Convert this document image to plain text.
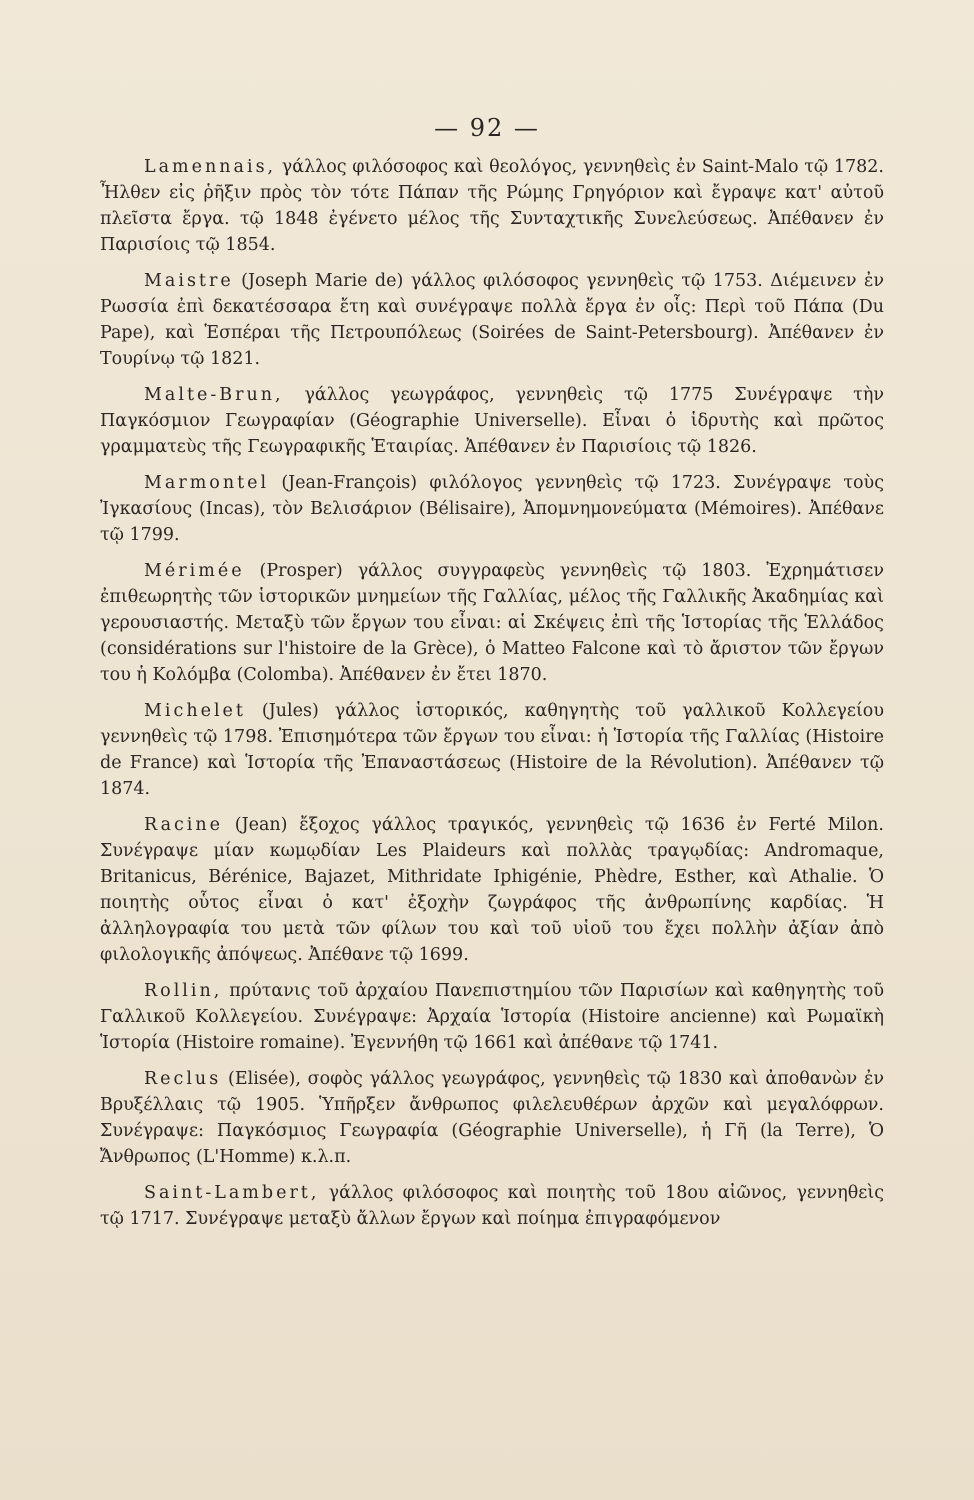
— 92 —

Lamennais, γάλλος φιλόσοφος καὶ θεολόγος, γεννηθεὶς ἐν Saint-Malo τῷ 1782. Ἦλθεν εἰς ῥῆξιν πρὸς τὸν τότε Πάπαν τῆς Ρώμης Γρηγόριον καὶ ἔγραψε κατ' αὐτοῦ πλεῖστα ἔργα. τῷ 1848 ἐγένετο μέλος τῆς Συνταχτικῆς Συνελεύσεως. Ἀπέθανεν ἐν Παρισίοις τῷ 1854.

Maistre (Joseph Marie de) γάλλος φιλόσοφος γεννηθεὶς τῷ 1753. Διέμεινεν ἐν Ρωσσία ἐπὶ δεκατέσσαρα ἔτη καὶ συνέγραψε πολλὰ ἔργα ἐν οἷς: Περὶ τοῦ Πάπα (Du Pape), καὶ Ἑσπέραι τῆς Πετρουπόλεως (Soirées de Saint-Petersbourg). Ἀπέθανεν ἐν Τουρίνῳ τῷ 1821.

Malte-Brun, γάλλος γεωγράφος, γεννηθεὶς τῷ 1775 Συνέγραψε τὴν Παγκόσμιον Γεωγραφίαν (Géographie Universelle). Εἶναι ὁ ἱδρυτὴς καὶ πρῶτος γραμματεὺς τῆς Γεωγραφικῆς Ἑταιρίας. Ἀπέθανεν ἐν Παρισίοις τῷ 1826.

Marmontel (Jean-François) φιλόλογος γεννηθεὶς τῷ 1723. Συνέγραψε τοὺς Ἰγκασίους (Incas), τὸν Βελισάριον (Bélisaire), Ἀπομνημονεύματα (Mémoires). Ἀπέθανε τῷ 1799.

Mérimée (Prosper) γάλλος συγγραφεὺς γεννηθεὶς τῷ 1803. Ἐχρημάτισεν ἐπιθεωρητὴς τῶν ἱστορικῶν μνημείων τῆς Γαλλίας, μέλος τῆς Γαλλικῆς Ἀκαδημίας καὶ γερουσιαστής. Μεταξὺ τῶν ἔργων του εἶναι: αἱ Σκέψεις ἐπὶ τῆς Ἱστορίας τῆς Ἑλλάδος (considérations sur l'histoire de la Grèce), ὁ Matteo Falcone καὶ τὸ ἄριστον τῶν ἔργων του ἡ Κολόμβα (Colomba). Ἀπέθανεν ἐν ἔτει 1870.

Michelet (Jules) γάλλος ἱστορικός, καθηγητὴς τοῦ γαλλικοῦ Κολλεγείου γεννηθεὶς τῷ 1798. Ἐπισημότερα τῶν ἔργων του εἶναι: ἡ Ἱστορία τῆς Γαλλίας (Histoire de France) καὶ Ἱστορία τῆς Ἐπαναστάσεως (Histoire de la Révolution). Ἀπέθανεν τῷ 1874.

Racine (Jean) ἔξοχος γάλλος τραγικός, γεννηθεὶς τῷ 1636 ἐν Ferté Milon. Συνέγραψε μίαν κωμῳδίαν Les Plaideurs καὶ πολλὰς τραγῳδίας: Andromaque, Britanicus, Bérénice, Bajazet, Mithridate Iphigénie, Phèdre, Esther, καὶ Athalie. Ὁ ποιητὴς οὗτος εἶναι ὁ κατ' ἐξοχὴν ζωγράφος τῆς ἀνθρωπίνης καρδίας. Ἡ ἀλληλογραφία του μετὰ τῶν φίλων του καὶ τοῦ υἱοῦ του ἔχει πολλὴν ἀξίαν ἀπὸ φιλολογικῆς ἀπόψεως. Ἀπέθανε τῷ 1699.

Rollin, πρύτανις τοῦ ἀρχαίου Πανεπιστημίου τῶν Παρισίων καὶ καθηγητὴς τοῦ Γαλλικοῦ Κολλεγείου. Συνέγραψε: Ἀρχαία Ἱστορία (Histoire ancienne) καὶ Ρωμαϊκὴ Ἱστορία (Histoire romaine). Ἐγεννήθη τῷ 1661 καὶ ἀπέθανε τῷ 1741.

Reclus (Elisée), σοφὸς γάλλος γεωγράφος, γεννηθεὶς τῷ 1830 καὶ ἀποθανὼν ἐν Βρυξέλλαις τῷ 1905. Ὑπῆρξεν ἄνθρωπος φιλελευθέρων ἀρχῶν καὶ μεγαλόφρων. Συνέγραψε: Παγκόσμιος Γεωγραφία (Géographie Universelle), ἡ Γῆ (la Terre), Ὁ Ἄνθρωπος (L'Homme) κ.λ.π.

Saint-Lambert, γάλλος φιλόσοφος καὶ ποιητὴς τοῦ 18ου αἰῶνος, γεννηθεὶς τῷ 1717. Συνέγραψε μεταξὺ ἄλλων ἔργων καὶ ποίημα ἐπιγραφόμενον
